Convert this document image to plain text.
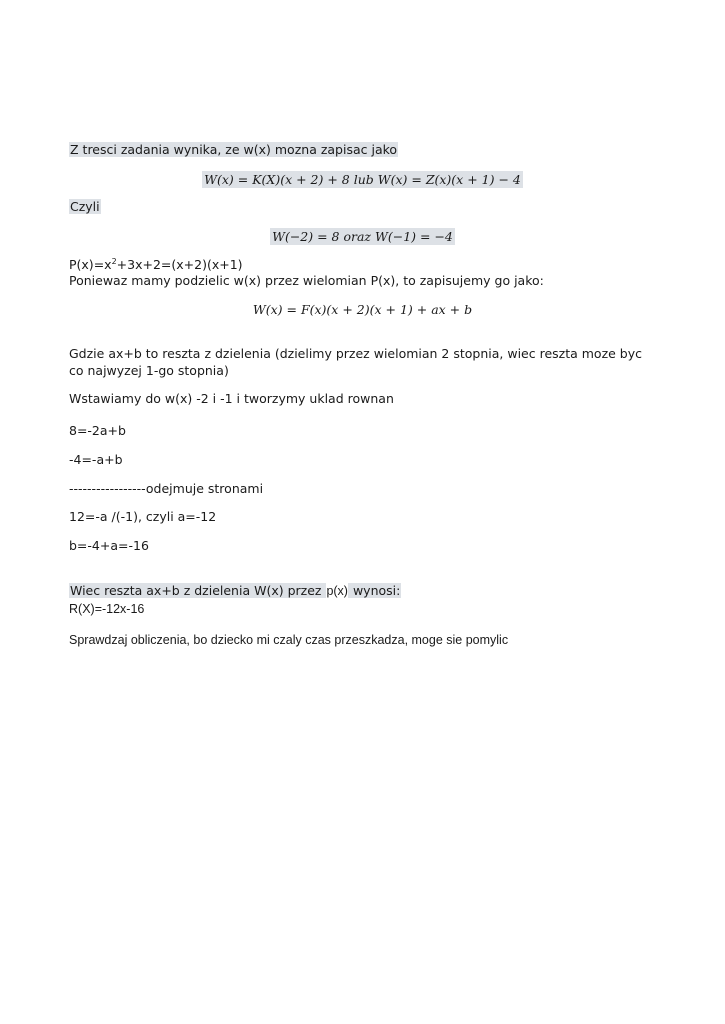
Z tresci zadania wynika, ze w(x) mozna zapisac jako
W(x) = K(X)(x + 2) + 8 lub W(x) = Z(x)(x + 1) − 4
Czyli
W(−2) = 8 oraz W(−1) = −4
$P(x)=x^2+3x+2=(x+2)(x+1)$
Poniewaz mamy podzielic w(x) przez wielomian P(x), to zapisujemy go jako:
W(x) = F(x)(x + 2)(x + 1) + ax + b
Gdzie ax+b to reszta z dzielenia (dzielimy przez wielomian 2 stopnia, wiec reszta moze byc co najwyzej 1-go stopnia)
Wstawiamy do w(x) -2 i -1 i tworzymy uklad rownan
8=-2a+b
-4=-a+b
-----------------odejmuje stronami
12=-a /(-1), czyli a=-12
b=-4+a=-16
Wiec reszta ax+b z dzielenia W(x) przez p(x) wynosi:
R(X)=-12x-16
Sprawdzaj obliczenia, bo dziecko mi czaly czas przeszkadza, moge sie pomylic
